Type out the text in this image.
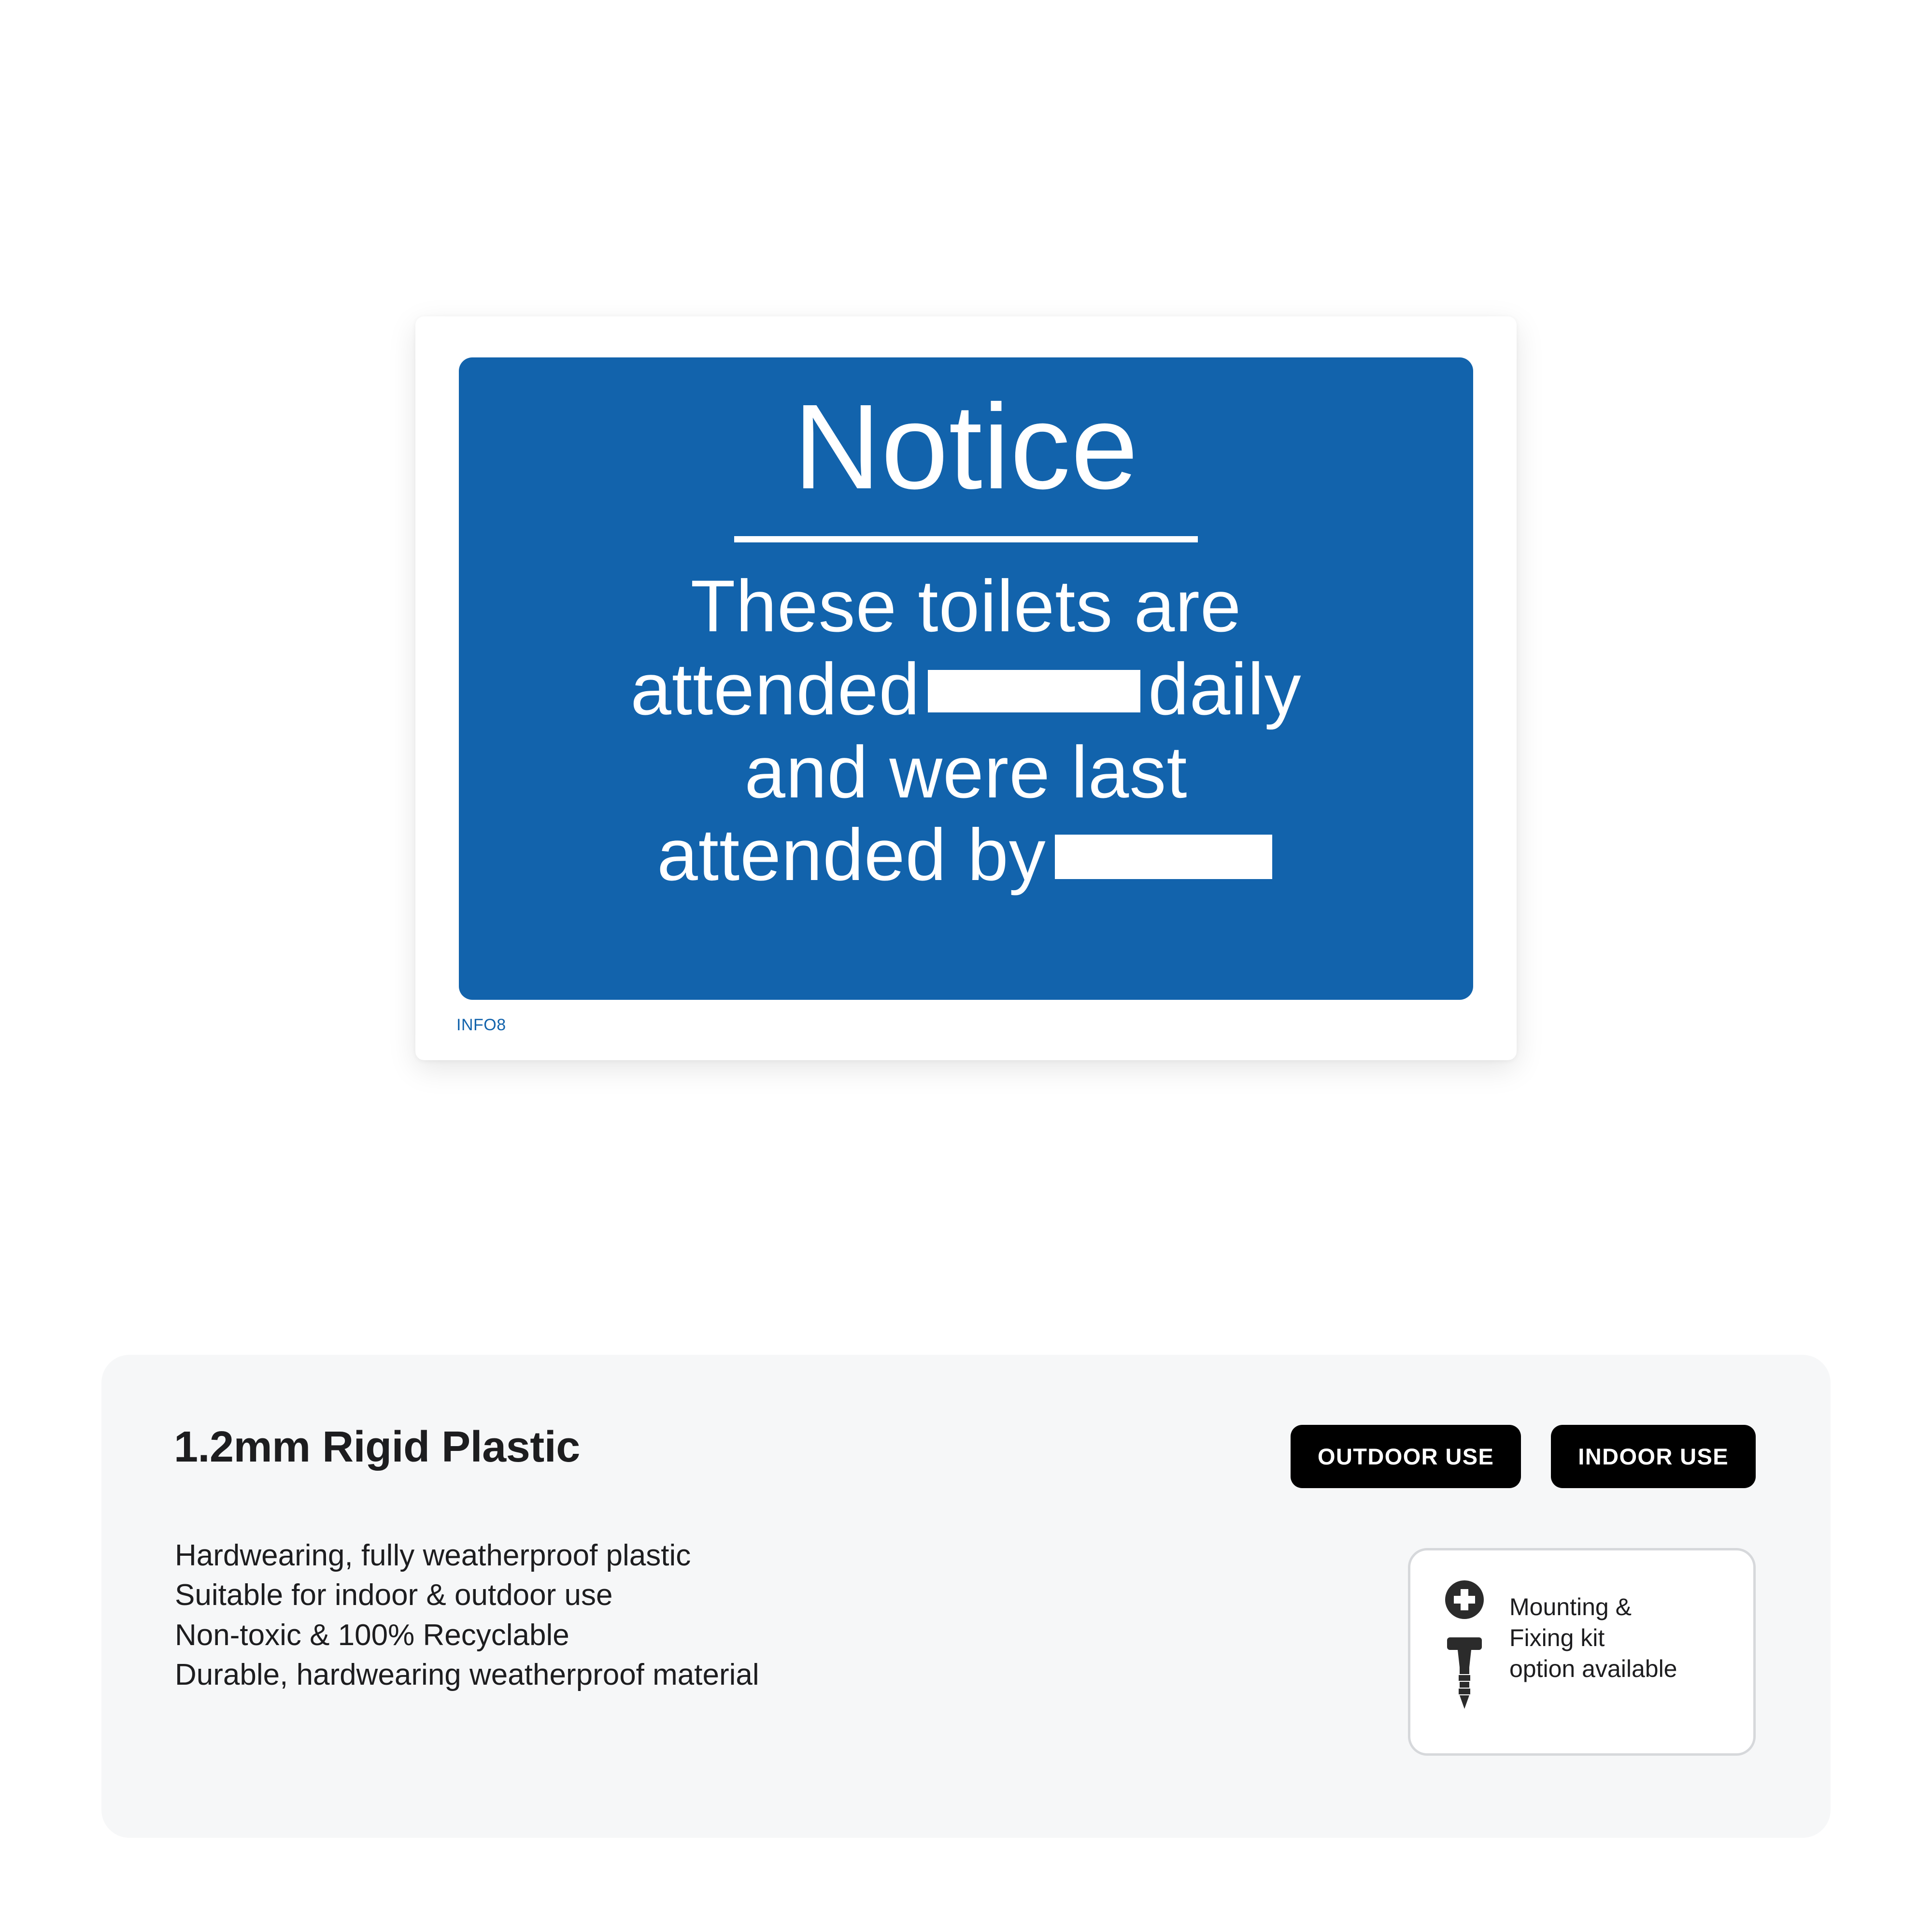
Notice
These toilets are
attended	daily
and were last
attended by
INFO8
1.2mm Rigid Plastic
Hardwearing, fully weatherproof plastic
Suitable for indoor & outdoor use
Non-toxic & 100% Recyclable
Durable, hardwearing weatherproof material
OUTDOOR USE	INDOOR USE
Mounting &
Fixing kit
option available
